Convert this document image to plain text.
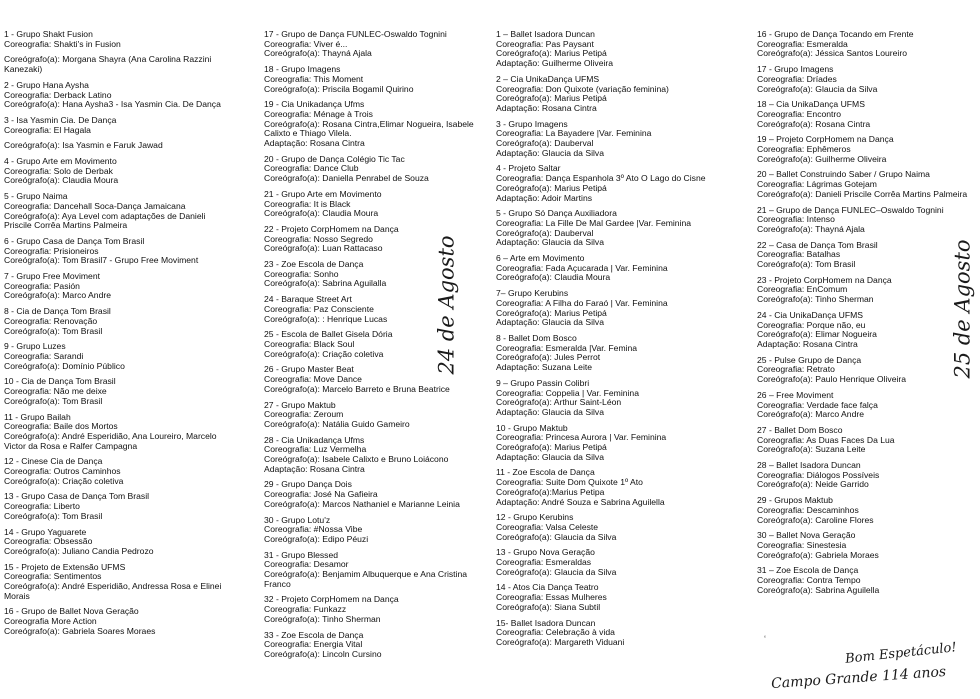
1 - Grupo Shakt Fusion
Coreografia: Shakti's in Fusion
Coreógrafo(a): Morgana Shayra (Ana Carolina Razzini Kanezaki)
2 - Grupo Hana Aysha
Coreografia: Derback Latino
Coreógrafo(a): Hana Aysha3 - Isa Yasmin Cia. De Dança
3 - Isa Yasmin Cia. De Dança
Coreografia: El Hagala
Coreógrafo(a): Isa Yasmin e Faruk Jawad
4 - Grupo Arte em Movimento
Coreografia: Solo de Derbak
Coreógrafo(a): Claudia Moura
5 - Grupo Naima
Coreografia: Dancehall Soca-Dança Jamaicana
Coreógrafo(a): Aya Level com adaptações de Danieli Priscile Corrêa Martins Palmeira
6 - Grupo Casa de Dança Tom Brasil
Coreografia: Prisioneiros
Coreógrafo(a): Tom Brasil7 - Grupo Free Moviment
7 - Grupo Free Moviment
Coreografia: Pasión
Coreógrafo(a): Marco Andre
8 - Cia de Dança Tom Brasil
Coreografia: Renovação
Coreógrafo(a): Tom Brasil
9 - Grupo Luzes
Coreografia: Sarandi
Coreógrafo(a): Domínio Público
10 - Cia de Dança Tom Brasil
Coreografia: Não me deixe
Coreógrafo(a): Tom Brasil
11 - Grupo Bailah
Coreografia: Baile dos Mortos
Coreógrafo(a): André Esperidião, Ana Loureiro, Marcelo Victor da Rosa e Ralfer Campagna
12 - Cinese Cia de Dança
Coreografia: Outros Caminhos
Coreógrafo(a): Criação coletiva
13 - Grupo Casa de Dança Tom Brasil
Coreografia: Liberto
Coreógrafo(a): Tom Brasil
14 - Grupo Yaguarete
Coreografia: Obsessão
Coreógrafo(a): Juliano Candia Pedrozo
15 - Projeto de Extensão UFMS
Coreografia: Sentimentos
Coreógrafo(a): André Esperidião, Andressa Rosa e Elinei Morais
16 - Grupo de Ballet Nova Geração
Coreografia More Action
Coreógrafo(a): Gabriela Soares Moraes
17 - Grupo de Dança FUNLEC-Oswaldo Tognini
Coreografia: Viver é...
Coreógrafo(a): Thayná Ajala
18 - Grupo Imagens
Coreografia: This Moment
Coreógrafo(a): Priscila Bogamil Quirino
19 - Cia Unikadança Ufms
Coreografia: Ménage à Trois
Coreógrafo(a): Rosana Cintra,Elimar Nogueira, Isabele Calixto e Thiago Vilela.
Adaptação: Rosana Cintra
20 - Grupo de Dança Colégio Tic Tac
Coreografia: Dance Club
Coreógrafo(a): Daniella Penrabel de Souza
21 - Grupo Arte em Movimento
Coreografia: It is Black
Coreógrafo(a): Claudia Moura
22 - Projeto CorpHomem na Dança
Coreografia: Nosso Segredo
Coreógrafo(a): Luan Rattacaso
23 - Zoe Escola de Dança
Coreografia: Sonho
Coreógrafo(a): Sabrina Aguilalla
24 - Baraque Street Art
Coreografia: Paz Consciente
Coreógrafo(a): : Henrique Lucas
25 - Escola de Ballet Gisela Dória
Coreografia: Black Soul
Coreógrafo(a): Criação coletiva
26 - Grupo Master Beat
Coreografia: Move Dance
Coreógrafo(a): Marcelo Barreto e Bruna Beatrice
27 - Grupo Maktub
Coreografia: Zeroum
Coreógrafo(a): Natália Guido Gameiro
28 - Cia Unikadança Ufms
Coreografia: Luz Vermelha
Coreógrafo(a): Isabele Calixto e Bruno Loiácono
Adaptação: Rosana Cintra
29 - Grupo Dança Dois
Coreografia: José Na Gafieira
Coreógrafo(a): Marcos Nathaniel e Marianne Leinia
30 - Grupo Lotu'z
Coreografia: #Nossa Vibe
Coreógrafo(a): Edipo Péuzi
31 - Grupo Blessed
Coreografia: Desamor
Coreógrafo(a): Benjamim Albuquerque e Ana Cristina Franco
32 - Projeto CorpHomem na Dança
Coreografia: Funkazz
Coreógrafo(a): Tinho Sherman
33 - Zoe Escola de Dança
Coreografia: Energia Vital
Coreógrafo(a): Lincoln Cursino
1 – Ballet Isadora Duncan
Coreografia: Pas Paysant
Coreógrafo(a): Marius Petipá
Adaptação: Guilherme Oliveira
2 – Cia UnikaDança UFMS
Coreografia: Don Quixote (variação feminina)
Coreógrafo(a): Marius Petipá
Adaptação: Rosana Cintra
3 - Grupo Imagens
Coreografia: La Bayadere |Var. Feminina
Coreógrafo(a): Dauberval
Adaptação: Glaucia da Silva
4 - Projeto Saltar
Coreografia: Dança Espanhola 3º Ato O Lago do Cisne
Coreógrafo(a): Marius Petipá
Adaptação: Adoir Martins
5 - Grupo Só Dança Auxiliadora
Coreografia: La Fille De Mal Gardee |Var. Feminina
Coreógrafo(a): Dauberval
Adaptação: Glaucia da Silva
6 – Arte em Movimento
Coreografia: Fada Açucarada | Var. Feminina
Coreógrafo(a): Claudia Moura
7– Grupo Kerubins
Coreografia: A Filha do Faraó | Var. Feminina
Coreógrafo(a): Marius Petipá
Adaptação: Glaucia da Silva
8 - Ballet Dom Bosco
Coreografia: Esmeralda |Var. Femina
Coreógrafo(a): Jules Perrot
Adaptação: Suzana Leite
9 – Grupo Passin Colibri
Coreografia: Coppelia | Var. Feminina
Coreógrafo(a): Arthur Saint-Léon
Adaptação: Glaucia da Silva
10 - Grupo Maktub
Coreografia: Princesa Aurora | Var. Feminina
Coreógrafo(a): Marius Petipá
Adaptação: Glaucia da Silva
11 - Zoe Escola de Dança
Coreografia: Suite Dom Quixote 1º Ato
Coreógrafo(a):Marius Petipa
Adaptação: André Souza e Sabrina Aguilella
12 - Grupo Kerubins
Coreografia: Valsa Celeste
Coreógrafo(a): Glaucia da Silva
13 - Grupo Nova Geração
Coreografia: Esmeraldas
Coreógrafo(a): Glaucia da Silva
14 - Atos Cia Dança Teatro
Coreografia: Essas Mulheres
Coreógrafo(a): Siana Subtil
15- Ballet Isadora Duncan
Coreografia: Celebração à vida
Coreógrafo(a): Margareth Viduani
16 - Grupo de Dança Tocando em Frente
Coreografia: Esmeralda
Coreógrafo(a): Jéssica Santos Loureiro
17 - Grupo Imagens
Coreografia: Dríades
Coreógrafo(a): Glaucia da Silva
18 – Cia UnikaDança UFMS
Coreografia: Encontro
Coreógrafo(a): Rosana Cintra
19 – Projeto CorpHomem na Dança
Coreografia: Ephêmeros
Coreógrafo(a): Guilherme Oliveira
20 – Ballet Construindo Saber / Grupo Naima
Coreografia: Lágrimas Gotejam
Coreógrafo(a): Danieli Priscile Corrêa Martins Palmeira
21 – Grupo de Dança FUNLEC–Oswaldo Tognini
Coreografia: Intenso
Coreógrafo(a): Thayná Ajala
22 – Casa de Dança Tom Brasil
Coreografia: Batalhas
Coreógrafo(a): Tom Brasil
23 - Projeto CorpHomem na Dança
Coreografia: EnComum
Coreógrafo(a): Tinho Sherman
24 - Cia UnikaDança UFMS
Coreografia: Porque não, eu
Coreógrafo(a): Elimar Nogueira
Adaptação: Rosana Cintra
25 - Pulse Grupo de Dança
Coreografia: Retrato
Coreógrafo(a): Paulo Henrique Oliveira
26 – Free Moviment
Coreografia: Verdade face falça
Coreógrafo(a): Marco Andre
27 - Ballet Dom Bosco
Coreografia: As Duas Faces Da Lua
Coreógrafo(a): Suzana Leite
28 – Ballet Isadora Duncan
Coreografia: Diálogos Possíveis
Coreógrafo(a): Neide Garrido
29 - Grupos Maktub
Coreografia: Descaminhos
Coreógrafo(a): Caroline Flores
30 – Ballet Nova Geração
Coreografia: Sinestesia
Coreógrafo(a): Gabriela Moraes
31 – Zoe Escola de Dança
Coreografia: Contra Tempo
Coreógrafo(a): Sabrina Aguilella
24 de Agosto	25 de Agosto
‘
Bom Espetáculo!
Campo Grande 114 anos
